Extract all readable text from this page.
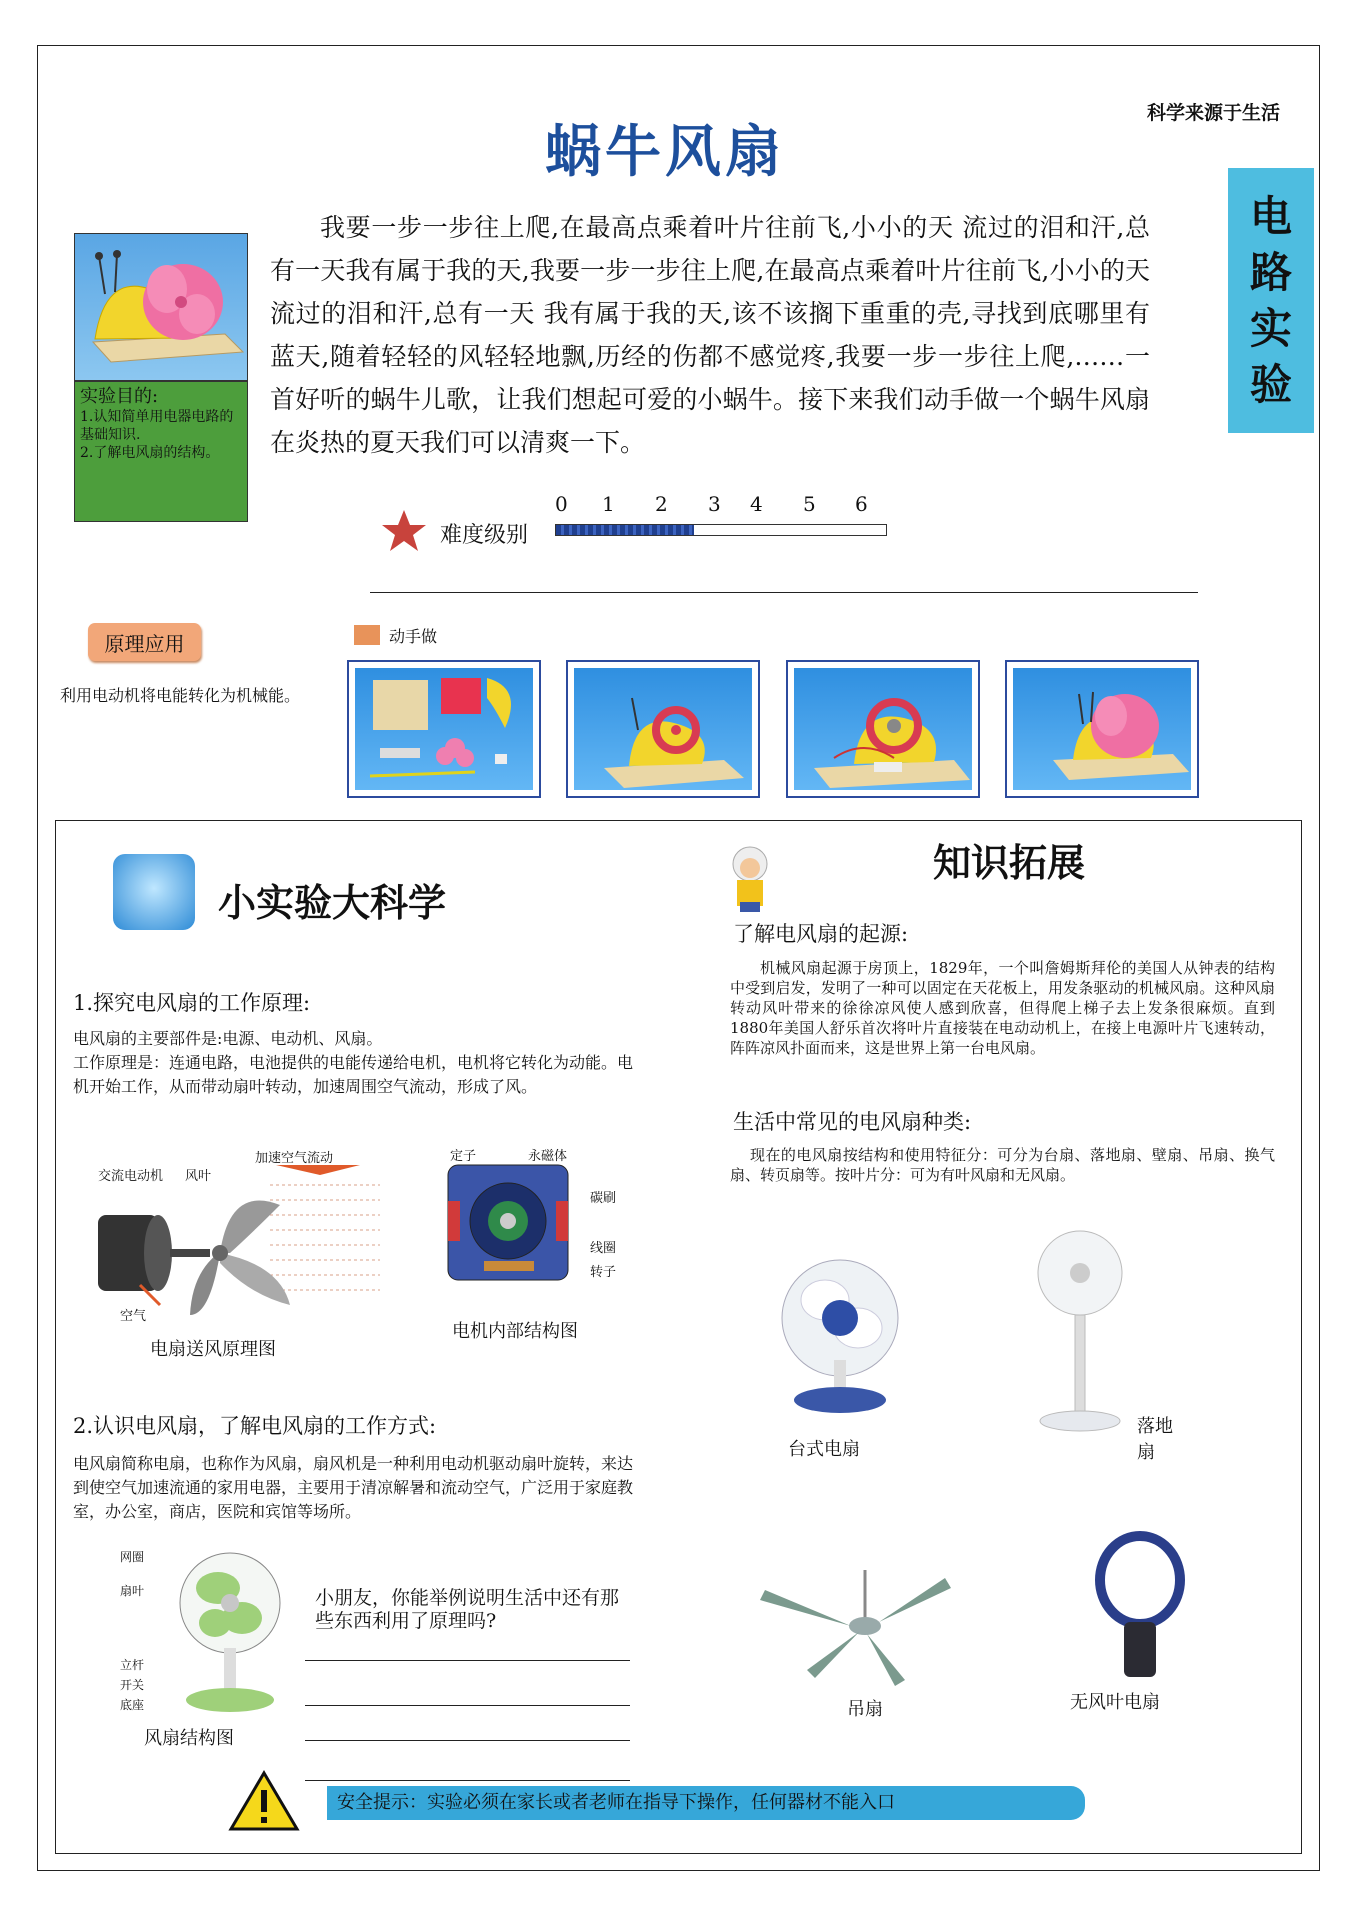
科学来源于生活
蜗牛风扇
电
路
实
验
实验目的:
1.认知简单用电器电路的基础知识.
2.了解电风扇的结构。
我要一步一步往上爬,在最高点乘着叶片往前飞,小小的天 流过的泪和汗,总有一天我有属于我的天,我要一步一步往上爬,在最高点乘着叶片往前飞,小小的天 流过的泪和汗,总有一天 我有属于我的天,该不该搁下重重的壳,寻找到底哪里有蓝天,随着轻轻的风轻轻地飘,历经的伤都不感觉疼,我要一步一步往上爬,……一首好听的蜗牛儿歌，让我们想起可爱的小蜗牛。接下来我们动手做一个蜗牛风扇在炎热的夏天我们可以清爽一下。
难度级别
0 1 2 3 4 5 6
原理应用
利用电动机将电能转化为机械能。
动手做
小实验大科学
1.探究电风扇的工作原理:
电风扇的主要部件是:电源、电动机、风扇。
工作原理是：连通电路，电池提供的电能传递给电机，电机将它转化为动能。电机开始工作，从而带动扇叶转动，加速周围空气流动，形成了风。
交流电动机 风叶
加速空气流动
空气
电扇送风原理图
定子	永磁体
碳刷
线圈
转子
电机内部结构图
2.认识电风扇，了解电风扇的工作方式:
电风扇简称电扇，也称作为风扇，扇风机是一种利用电动机驱动扇叶旋转，来达到使空气加速流通的家用电器，主要用于清凉解暑和流动空气，广泛用于家庭教室，办公室，商店，医院和宾馆等场所。
网圈
扇叶
立杆
开关
底座
风扇结构图
小朋友，你能举例说明生活中还有那些东西利用了原理吗?
知识拓展
了解电风扇的起源:
机械风扇起源于房顶上，1829年，一个叫詹姆斯拜伦的美国人从钟表的结构中受到启发，发明了一种可以固定在天花板上，用发条驱动的机械风扇。这种风扇转动风叶带来的徐徐凉风使人感到欣喜，但得爬上梯子去上发条很麻烦。直到1880年美国人舒乐首次将叶片直接装在电动动机上，在接上电源叶片飞速转动，阵阵凉风扑面而来，这是世界上第一台电风扇。
生活中常见的电风扇种类:
现在的电风扇按结构和使用特征分：可分为台扇、落地扇、壁扇、吊扇、换气扇、转页扇等。按叶片分：可为有叶风扇和无风扇。
台式电扇
落地扇
吊扇	无风叶电扇
安全提示：实验必须在家长或者老师在指导下操作，任何器材不能入口
